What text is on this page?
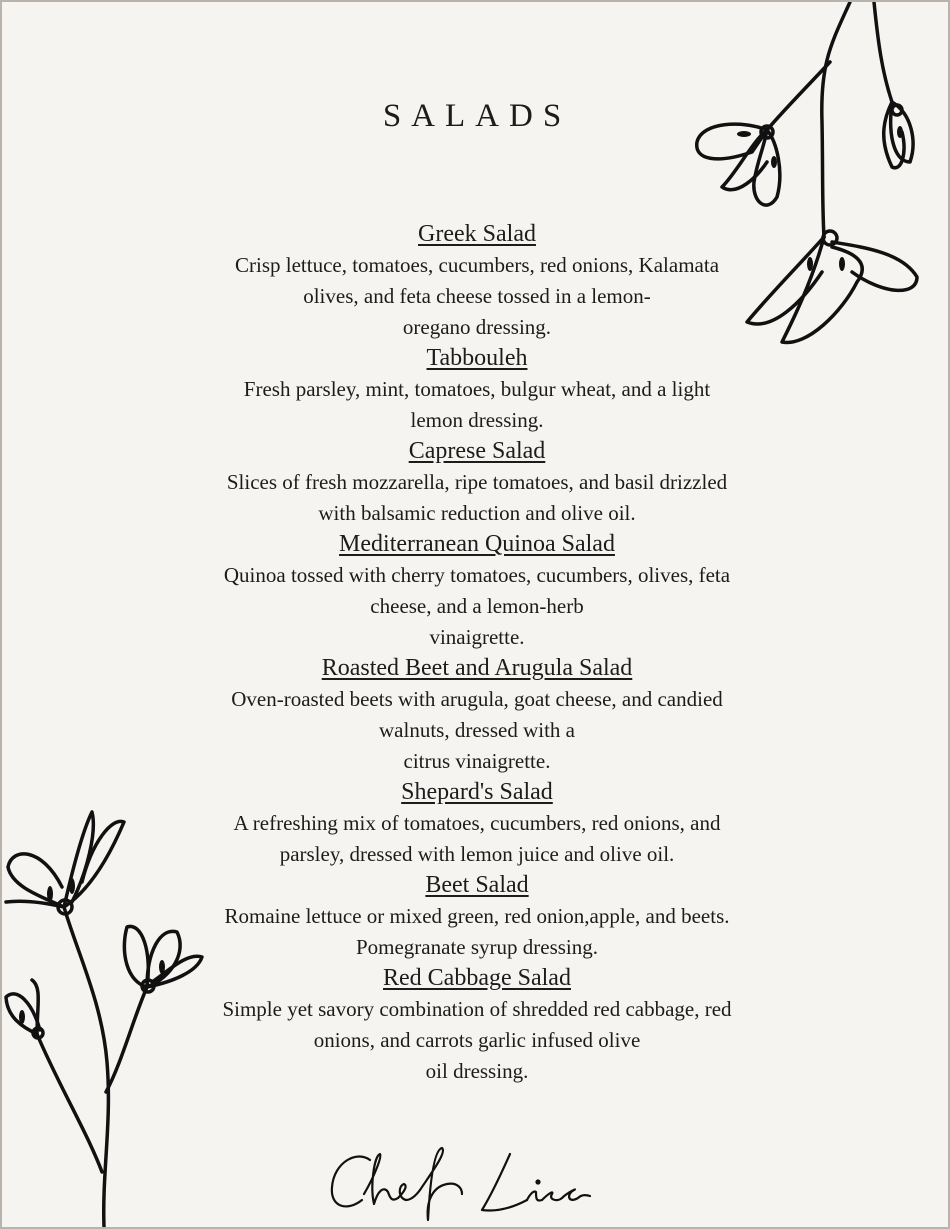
SALADS
Greek Salad
Crisp lettuce, tomatoes, cucumbers, red onions, Kalamata
olives, and feta cheese tossed in a lemon-
oregano dressing.
Tabbouleh
Fresh parsley, mint, tomatoes, bulgur wheat, and a light
lemon dressing.
Caprese Salad
Slices of fresh mozzarella, ripe tomatoes, and basil drizzled
with balsamic reduction and olive oil.
Mediterranean Quinoa Salad
Quinoa tossed with cherry tomatoes, cucumbers, olives, feta
cheese, and a lemon-herb
vinaigrette.
Roasted Beet and Arugula Salad
Oven-roasted beets with arugula, goat cheese, and candied
walnuts, dressed with a
citrus vinaigrette.
Shepard's Salad
A refreshing mix of tomatoes, cucumbers, red onions, and
parsley, dressed with lemon juice and olive oil.
Beet Salad
Romaine lettuce or mixed green, red onion,apple, and beets.
Pomegranate syrup dressing.
Red Cabbage Salad
Simple yet savory combination of shredded red cabbage, red
onions, and carrots garlic infused olive
oil dressing.
